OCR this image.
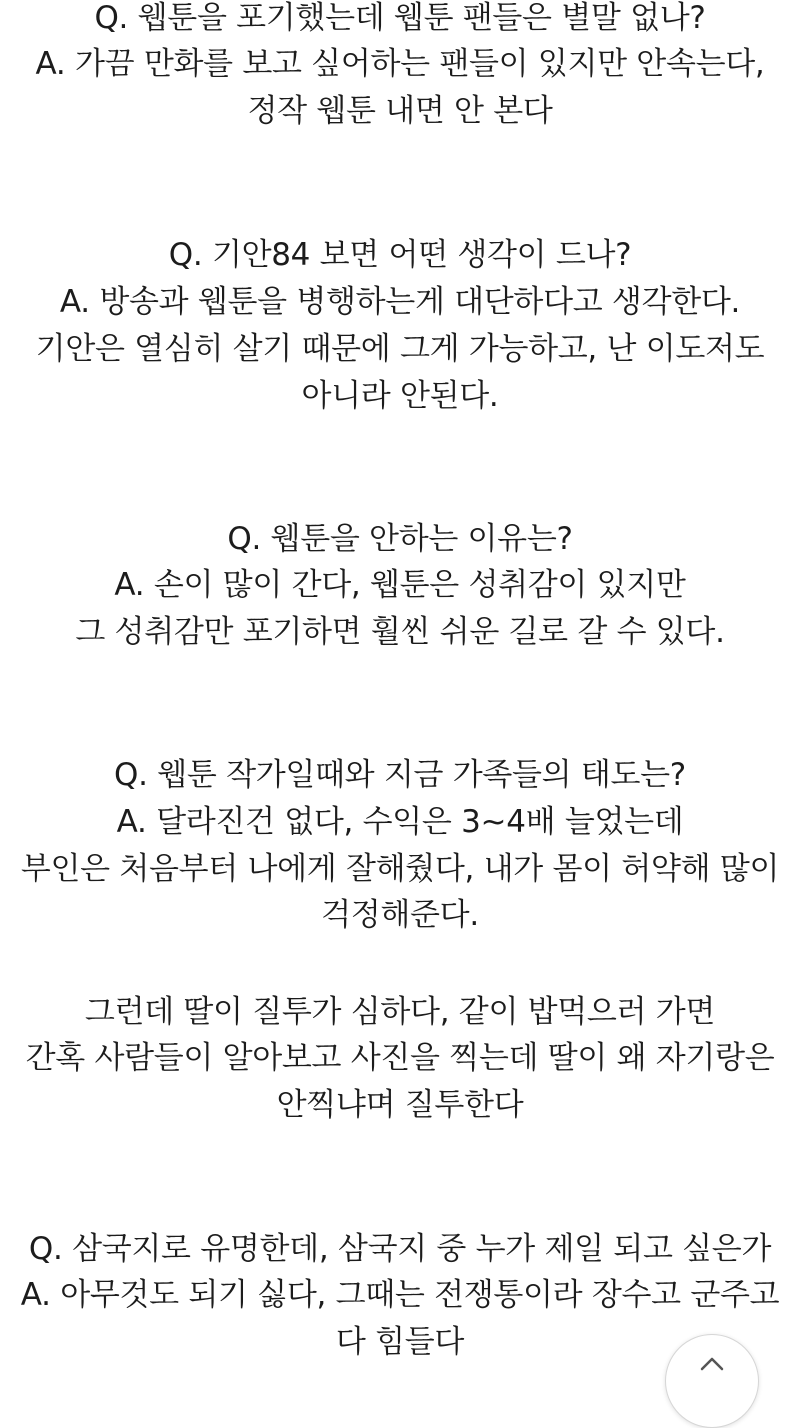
Q. 웹툰을 포기했는데 웹툰 팬들은 별말 없나?
A. 가끔 만화를 보고 싶어하는 팬들이 있지만 안속는다,
정작 웹툰 내면 안 본다
Q. 기안84 보면 어떤 생각이 드나?
A. 방송과 웹툰을 병행하는게 대단하다고 생각한다.
기안은 열심히 살기 때문에 그게 가능하고, 난 이도저도
아니라 안된다.
Q. 웹툰을 안하는 이유는?
A. 손이 많이 간다, 웹툰은 성취감이 있지만
그 성취감만 포기하면 훨씬 쉬운 길로 갈 수 있다.
Q. 웹툰 작가일때와 지금 가족들의 태도는?
A. 달라진건 없다, 수익은 3~4배 늘었는데
부인은 처음부터 나에게 잘해줬다, 내가 몸이 허약해 많이
걱정해준다.
그런데 딸이 질투가 심하다, 같이 밥먹으러 가면
간혹 사람들이 알아보고 사진을 찍는데 딸이 왜 자기랑은
안찍냐며 질투한다
Q. 삼국지로 유명한데, 삼국지 중 누가 제일 되고 싶은가
A. 아무것도 되기 싫다, 그때는 전쟁통이라 장수고 군주고
다 힘들다
